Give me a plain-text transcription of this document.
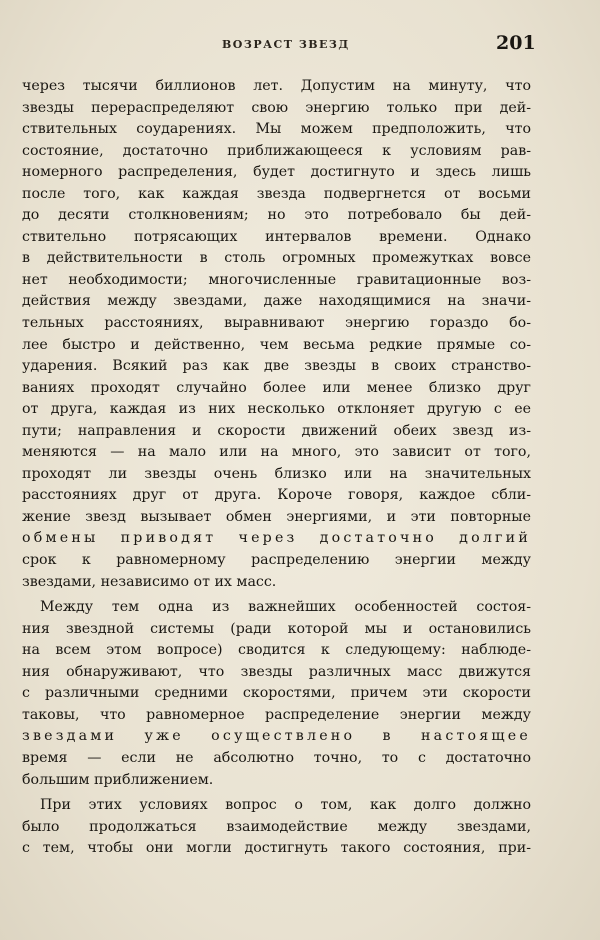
ВОЗРАСТ ЗВЕЗД	201
через тысячи биллионов лет. Допустим на минуту, что
звезды перераспределяют свою энергию только при дей-
ствительных соударениях. Мы можем предположить, что
состояние, достаточно приближающееся к условиям рав-
номерного распределения, будет достигнуто и здесь лишь
после того, как каждая звезда подвергнется от восьми
до десяти столкновениям; но это потребовало бы дей-
ствительно потрясающих интервалов времени. Однако
в действительности в столь огромных промежутках вовсе
нет необходимости; многочисленные гравитационные воз-
действия между звездами, даже находящимися на значи-
тельных расстояниях, выравнивают энергию гораздо бо-
лее быстро и действенно, чем весьма редкие прямые со-
ударения. Всякий раз как две звезды в своих странство-
ваниях проходят случайно более или менее близко друг
от друга, каждая из них несколько отклоняет другую с ее
пути; направления и скорости движений обеих звезд из-
меняются — на мало или на много, это зависит от того,
проходят ли звезды очень близко или на значительных
расстояниях друг от друга. Короче говоря, каждое сбли-
жение звезд вызывает обмен энергиями, и эти повторные
обмены приводят через достаточно долгий
срок к равномерному распределению энергии между
звездами, независимо от их масс.
Между тем одна из важнейших особенностей состоя-
ния звездной системы (ради которой мы и остановились
на всем этом вопросе) сводится к следующему: наблюде-
ния обнаруживают, что звезды различных масс движутся
с различными средними скоростями, причем эти скорости
таковы, что равномерное распределение энергии между
звездами уже осуществлено в настоящее
время — если не абсолютно точно, то с достаточно
большим приближением.
При этих условиях вопрос о том, как долго должно
было продолжаться взаимодействие между звездами,
с тем, чтобы они могли достигнуть такого состояния, при-
